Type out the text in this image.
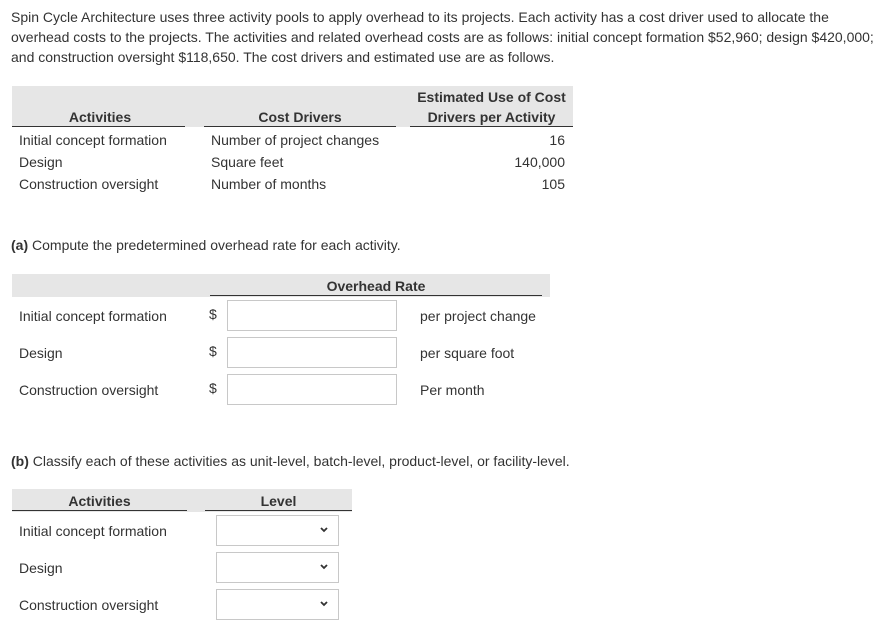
Spin Cycle Architecture uses three activity pools to apply overhead to its projects. Each activity has a cost driver used to allocate the overhead costs to the projects. The activities and related overhead costs are as follows: initial concept formation $52,960; design $420,000; and construction oversight $118,650. The cost drivers and estimated use are as follows.
Activities	Cost Drivers
Estimated Use of Cost
Drivers per Activity
Initial concept formation	Number of project changes	16
Design	Square feet	140,000
Construction oversight	Number of months	105
(a) Compute the predetermined overhead rate for each activity.
Overhead Rate
Initial concept formation	$	per project change
Design	$	per square foot
Construction oversight	$	Per month
(b) Classify each of these activities as unit-level, batch-level, product-level, or facility-level.
Activities	Level
Initial concept formation
Design
Construction oversight
